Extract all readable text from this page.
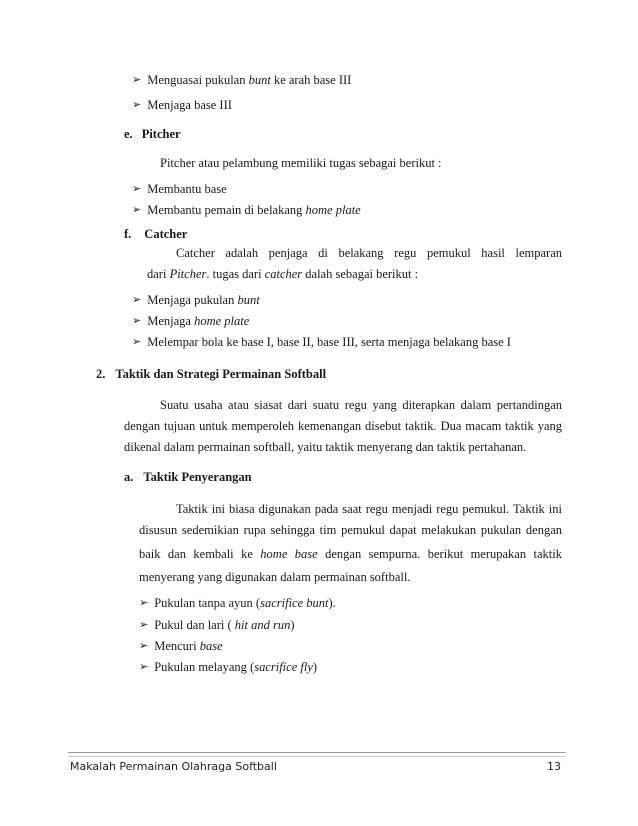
➢ Menguasai pukulan bunt ke arah base III
➢ Menjaga base III
e. Pitcher
Pitcher atau pelambung memiliki tugas sebagai berikut :
➢ Membantu base
➢ Membantu pemain di belakang home plate
f. Catcher
Catcher adalah penjaga di belakang regu pemukul hasil lemparan
dari Pitcher. tugas dari catcher dalah sebagai berikut :
➢ Menjaga pukulan bunt
➢ Menjaga home plate
➢ Melempar bola ke base I, base II, base III, serta menjaga belakang base I
2. Taktik dan Strategi Permainan Softball
Suatu usaha atau siasat dari suatu regu yang diterapkan dalam pertandingan
dengan tujuan untuk memperoleh kemenangan disebut taktik. Dua macam taktik yang
dikenal dalam permainan softball, yaitu taktik menyerang dan taktik pertahanan.
a. Taktik Penyerangan
Taktik ini biasa digunakan pada saat regu menjadi regu pemukul. Taktik ini
disusun sedemikian rupa sehingga tim pemukul dapat melakukan pukulan dengan
baik dan kembali ke home base dengan sempurna. berikut merupakan taktik
menyerang yang digunakan dalam permainan softball.
➢ Pukulan tanpa ayun (sacrifice bunt).
➢ Pukul dan lari ( hit and run)
➢ Mencuri base
➢ Pukulan melayang (sacrifice fly)
Makalah Permainan Olahraga Softball	13
